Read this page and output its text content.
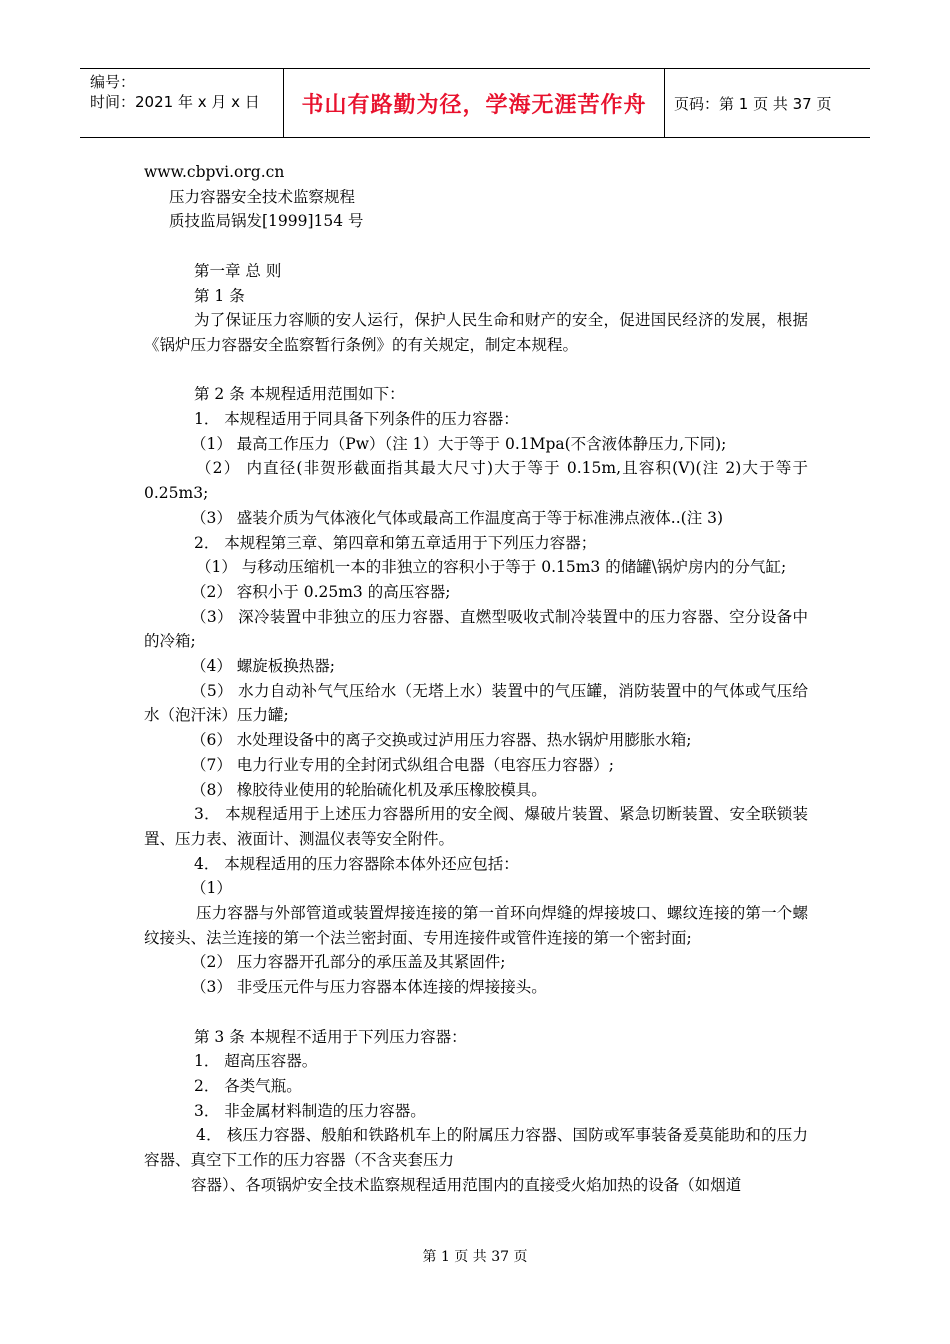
编号：
时间：2021 年 x 月 x 日 书山有路勤为径，学海无涯苦作舟	页码：第 1 页 共 37 页

www.cbpvi.org.cn

压力容器安全技术监察规程

质技监局锅发[1999]154 号

第一章 总 则

第 1 条

为了保证压力容顺的安人运行，保护人民生命和财产的安全，促进国民经济的发展，根据《锅炉压力容器安全监察暂行条例》的有关规定，制定本规程。

第 2 条 本规程适用范围如下：

1． 本规程适用于同具备下列条件的压力容器：

（1） 最高工作压力（Pw）（注 1）大于等于 0.1Mpa(不含液体静压力,下同);

（2） 内直径(非贺形截面指其最大尺寸)大于等于 0.15m,且容积(V)(注 2)大于等于 0.25m3;

（3） 盛装介质为气体液化气体或最高工作温度高于等于标准沸点液体..(注 3)

2． 本规程第三章、第四章和第五章适用于下列压力容器；

（1） 与移动压缩机一本的非独立的容积小于等于 0.15m3 的储罐\锅炉房内的分气缸;

（2） 容积小于 0.25m3 的高压容器;

（3） 深冷装置中非独立的压力容器、直燃型吸收式制冷装置中的压力容器、空分设备中的冷箱;

（4） 螺旋板换热器;

（5） 水力自动补气气压给水（无塔上水）装置中的气压罐，消防装置中的气体或气压给水（泡汗沫）压力罐;

（6） 水处理设备中的离子交换或过泸用压力容器、热水锅炉用膨胀水箱;

（7） 电力行业专用的全封闭式纵组合电器（电容压力容器）;

（8） 橡胶待业使用的轮胎硫化机及承压橡胶模具。

3． 本规程适用于上述压力容器所用的安全阀、爆破片装置、紧急切断装置、安全联锁装置、压力表、液面计、测温仪表等安全附件。

4． 本规程适用的压力容器除本体外还应包括：

（1）

压力容器与外部管道或装置焊接连接的第一首环向焊缝的焊接坡口、螺纹连接的第一个螺纹接头、法兰连接的第一个法兰密封面、专用连接件或管件连接的第一个密封面;

（2） 压力容器开孔部分的承压盖及其紧固件;

（3） 非受压元件与压力容器本体连接的焊接接头。

第 3 条 本规程不适用于下列压力容器：

1． 超高压容器。

2． 各类气瓶。

3． 非金属材料制造的压力容器。

4． 核压力容器、般舶和铁路机车上的附属压力容器、国防或军事装备爰莫能助和的压力容器、真空下工作的压力容器（不含夹套压力

容器）、各项锅炉安全技术监察规程适用范围内的直接受火焰加热的设备（如烟道

第 1 页 共 37 页
